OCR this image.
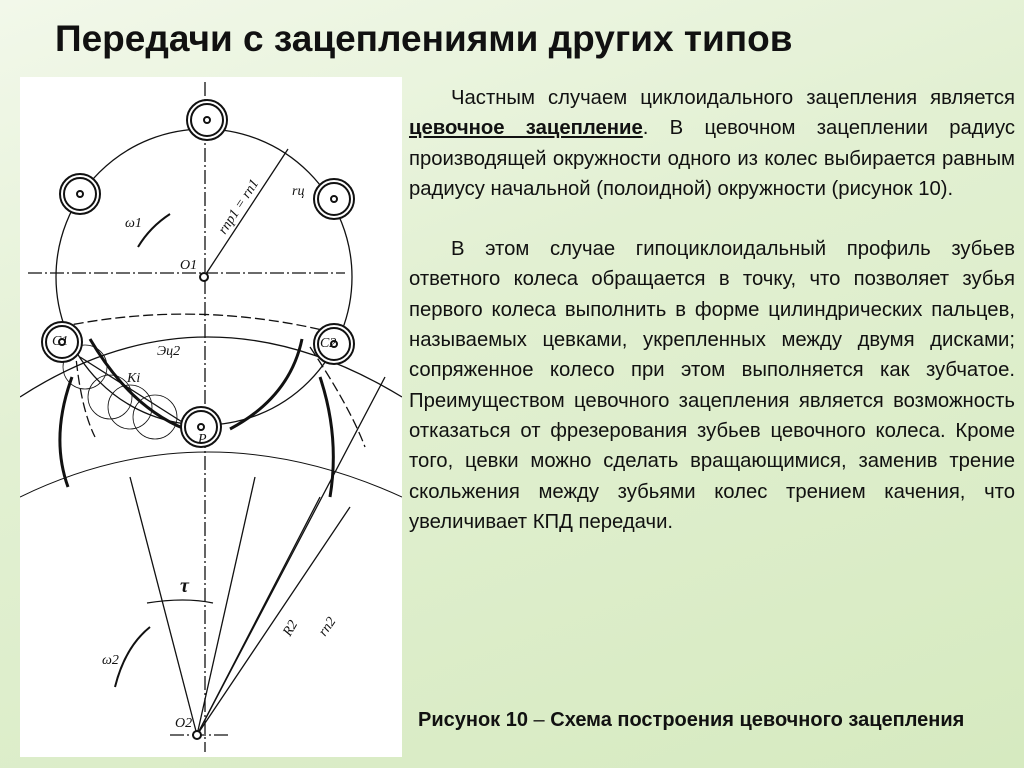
Передачи с зацеплениями других типов
ω1	rпр1 = rп1 rц
O1
Эц2
C1	C2
Ki
P
τ
ω2
R2 rп2
O2

Частным случаем циклоидального зацепления является цевочное зацепление. В цевочном зацеплении радиус производящей окружности одного из колес выбирается равным радиусу начальной (полоидной) окружности (рисунок 10).

В этом случае гипоциклоидальный профиль зубьев ответного колеса обращается в точку, что позволяет зубья первого колеса выполнить в форме цилиндрических пальцев, называемых цевками, укрепленных между двумя дисками; сопряженное колесо при этом выполняется как зубчатое. Преимуществом цевочного зацепления является возможность отказаться от фрезерования зубьев цевочного колеса. Кроме того, цевки можно сделать вращающимися, заменив трение скольжения между зубьями колес трением качения, что увеличивает КПД передачи.

Рисунок 10 – Схема построения цевочного зацепления
